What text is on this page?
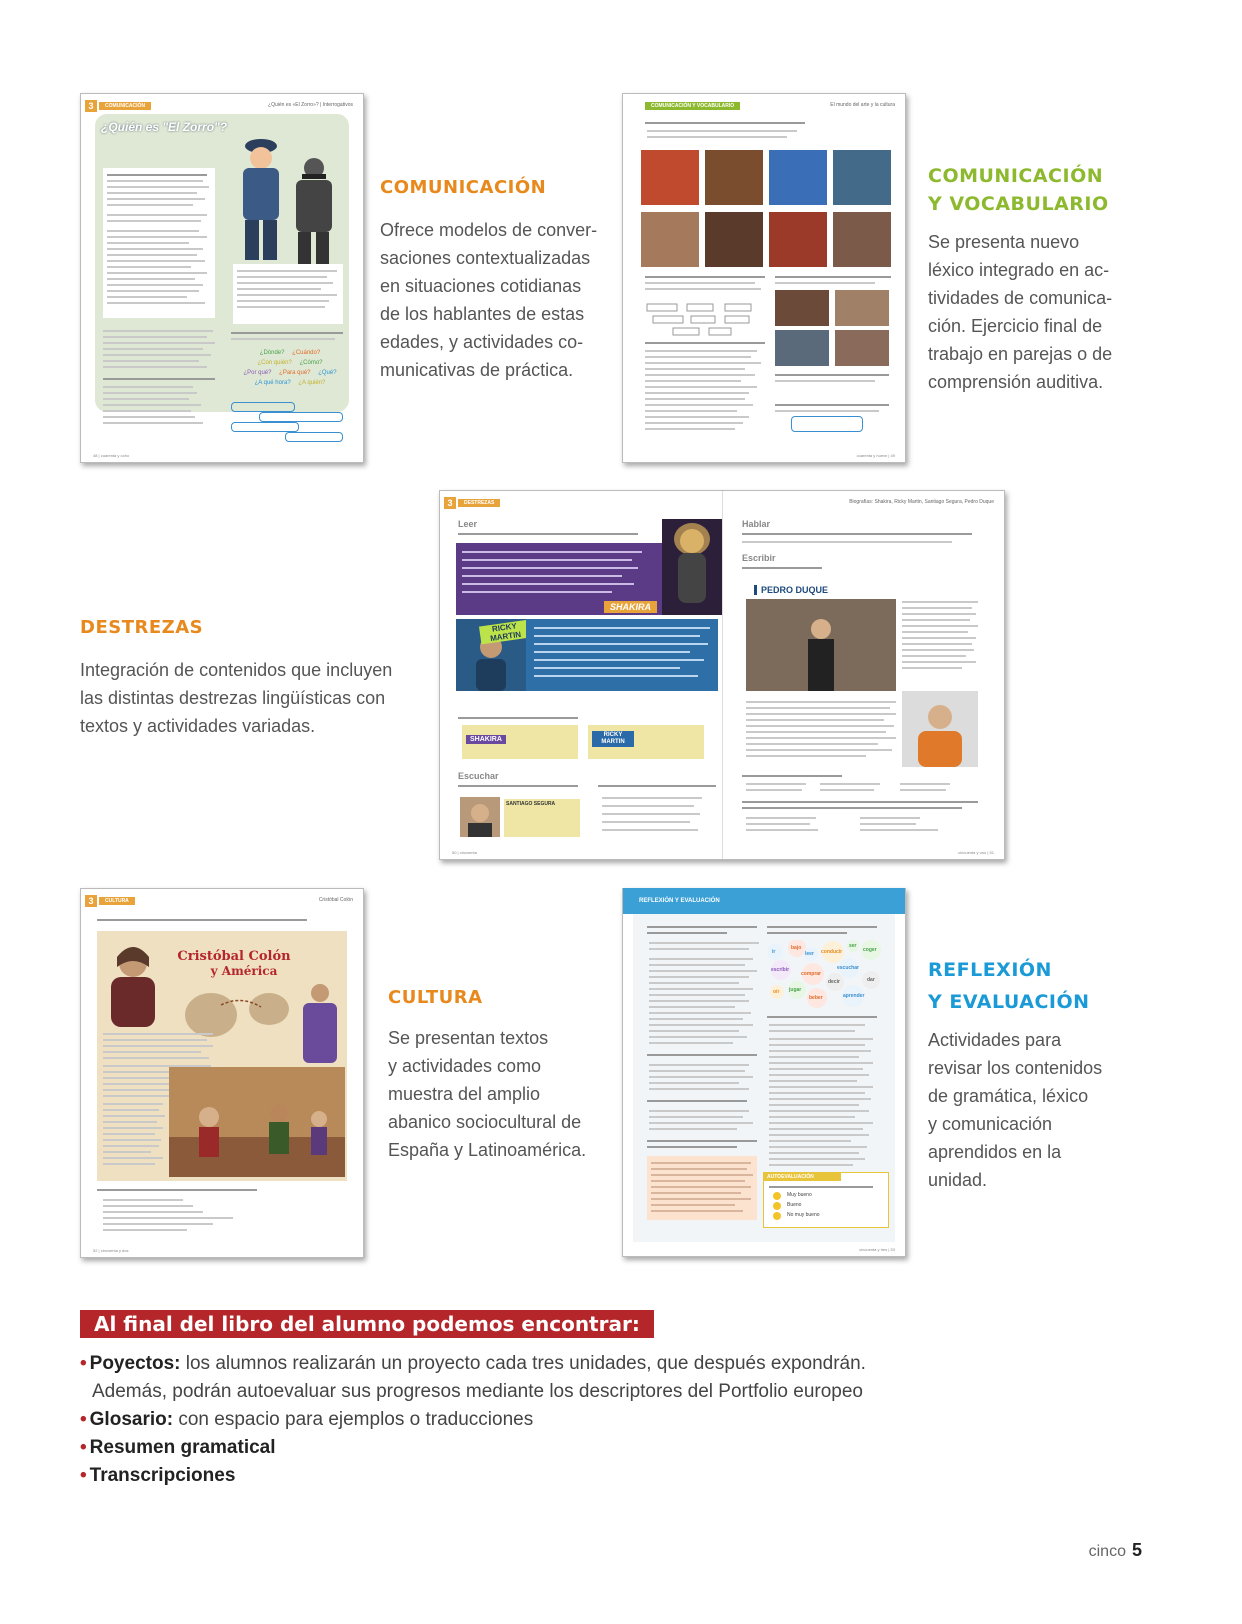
3	COMUNICACIÓN	¿Quién es «El Zorro»? | Interrogativos
¿Quién es "El Zorro"?
¿Dónde? ¿Cuándo?
¿Con quién? ¿Cómo?
¿Por qué? ¿Para qué? ¿Qué?
¿A qué hora? ¿A quién?
48 | cuarenta y ocho
COMUNICACIÓN
Ofrece modelos de conver-
saciones contextualizadas
en situaciones cotidianas
de los hablantes de estas
edades, y actividades co-
municativas de práctica.
COMUNICACIÓN Y VOCABULARIO	El mundo del arte y la cultura
cuarenta y nueve | 49
COMUNICACIÓN
Y VOCABULARIO
Se presenta nuevo
léxico integrado en ac-
tividades de comunica-
ción. Ejercicio final de
trabajo en parejas o de
comprensión auditiva.
3	DESTREZAS	Biografías: Shakira, Ricky Martin, Santiago Segura, Pedro Duque
Leer
SHAKIRA
RICKY MARTIN
SHAKIRA
RICKY MARTIN
Escuchar
SANTIAGO SEGURA
Hablar
Escribir
PEDRO DUQUE
50 | cincuenta	cincuenta y uno | 51
DESTREZAS
Integración de contenidos que incluyen
las distintas destrezas lingüísticas con
textos y actividades variadas.
3	CULTURA	Cristóbal Colón
Cristóbal Colón
y América
52 | cincuenta y dos
CULTURA
Se presentan textos
y actividades como
muestra del amplio
abanico sociocultural de
España y Latinoamérica.
REFLEXIÓN Y EVALUACIÓN
ir
bajo
leer conducir
ser
coger
escribir
comprar
escuchar
dar
oír jugar
beber
decir
aprender
AUTOEVALUACIÓN
Muy bueno
Bueno
No muy bueno
cincuenta y tres | 53
REFLEXIÓN
Y EVALUACIÓN
Actividades para
revisar los contenidos
de gramática, léxico
y comunicación
aprendidos en la
unidad.
Al final del libro del alumno podemos encontrar:
• Poyectos: los alumnos realizarán un proyecto cada tres unidades, que después expondrán.
Además, podrán autoevaluar sus progresos mediante los descriptores del Portfolio europeo
• Glosario: con espacio para ejemplos o traducciones
• Resumen gramatical
• Transcripciones
cinco 5
